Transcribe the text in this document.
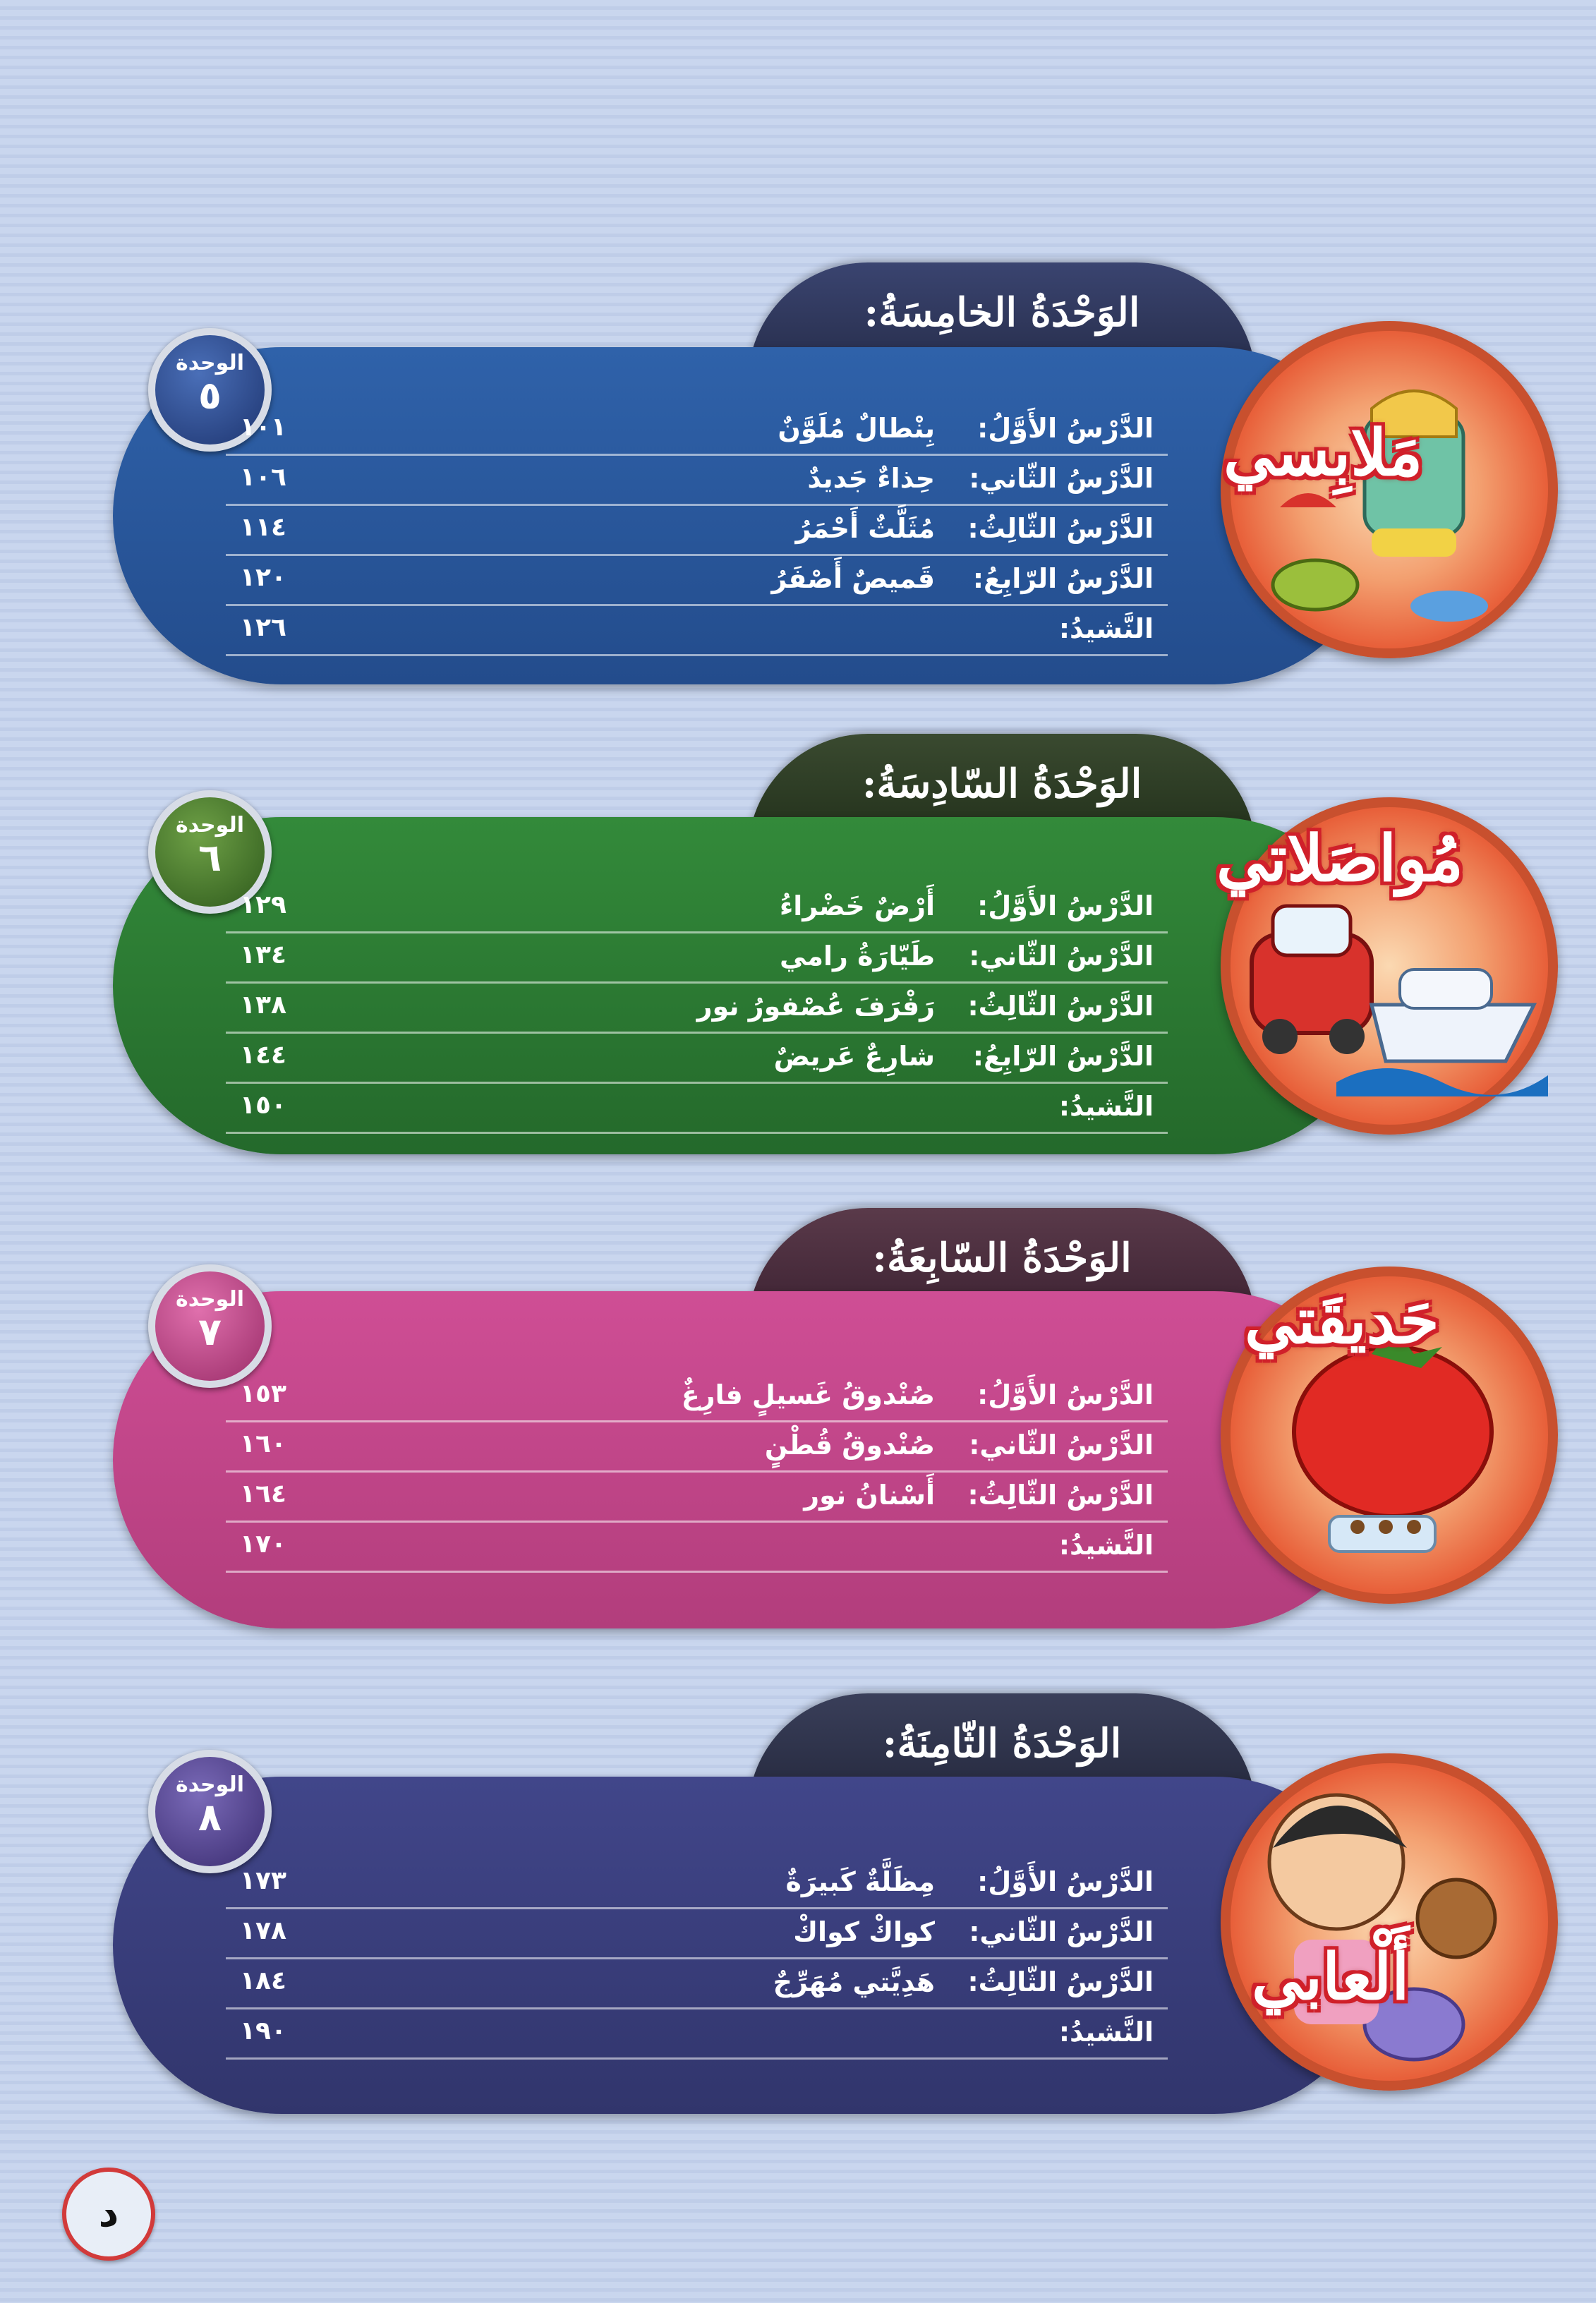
الوَحْدَةُ الخامِسَةُ:
الوحدة
٥
الدَّرْسُ الأَوَّلُ:
بِنْطالٌ مُلَوَّنٌ
١٠١
الدَّرْسُ الثّاني:
حِذاءٌ جَديدٌ
١٠٦
الدَّرْسُ الثّالِثُ:
مُثَلَّثٌ أَحْمَرُ
١١٤
الدَّرْسُ الرّابِعُ:
قَميصٌ أَصْفَرُ
١٢٠
النَّشيدُ:
١٢٦
مَلابِسي
الوَحْدَةُ السّادِسَةُ:
الوحدة
٦
الدَّرْسُ الأَوَّلُ:
أَرْضٌ خَضْراءُ
١٢٩
الدَّرْسُ الثّاني:
طَيّارَةُ رامي
١٣٤
الدَّرْسُ الثّالِثُ:
رَفْرَفَ عُصْفورُ نور
١٣٨
الدَّرْسُ الرّابِعُ:
شارِعٌ عَريضٌ
١٤٤
النَّشيدُ:
١٥٠
مُواصَلاتي
الوَحْدَةُ السّابِعَةُ:
الوحدة
٧
الدَّرْسُ الأَوَّلُ:
صُنْدوقُ غَسيلٍ فارِغٌ
١٥٣
الدَّرْسُ الثّاني:
صُنْدوقُ قُطْنٍ
١٦٠
الدَّرْسُ الثّالِثُ:
أَسْنانُ نور
١٦٤
النَّشيدُ:
١٧٠
حَديقَتي
الوَحْدَةُ الثّامِنَةُ:
الوحدة
٨
الدَّرْسُ الأَوَّلُ:
مِظَلَّةٌ كَبيرَةٌ
١٧٣
الدَّرْسُ الثّاني:
كواكْ كواكْ
١٧٨
الدَّرْسُ الثّالِثُ:
هَدِيَّتي مُهَرِّجٌ
١٨٤
النَّشيدُ:
١٩٠
أَلْعابي
د
